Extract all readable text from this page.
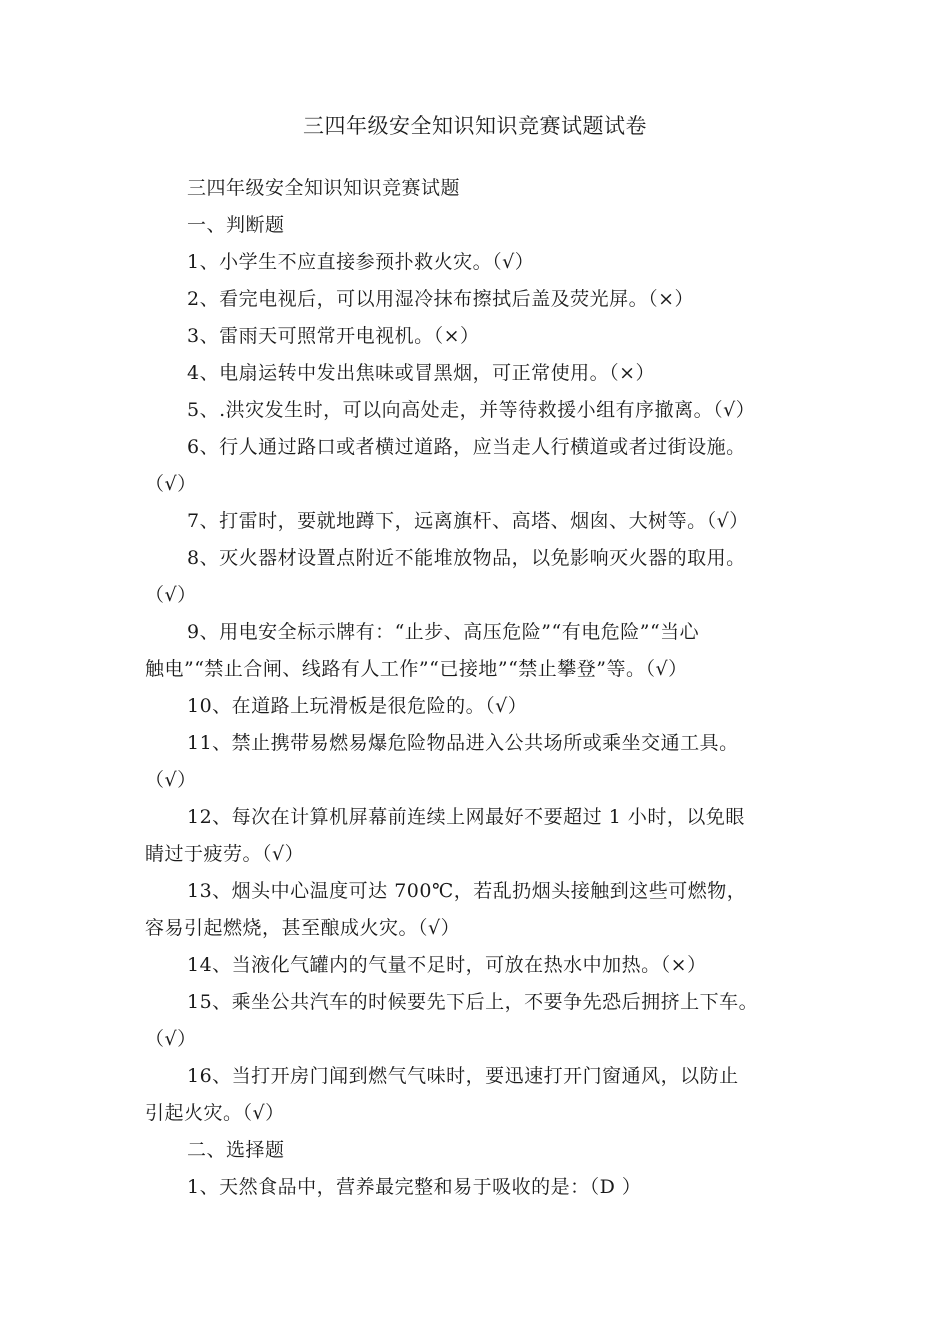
三四年级安全知识知识竞赛试题试卷

三四年级安全知识知识竞赛试题

一、判断题

1、小学生不应直接参预扑救火灾。（√）

2、看完电视后，可以用湿冷抹布擦拭后盖及荧光屏。（×）

3、雷雨天可照常开电视机。（×）

4、电扇运转中发出焦味或冒黑烟，可正常使用。（×）

5、.洪灾发生时，可以向高处走，并等待救援小组有序撤离。（√）

6、行人通过路口或者横过道路，应当走人行横道或者过街设施。

（√）

7、打雷时，要就地蹲下，远离旗杆、高塔、烟囱、大树等。（√）

8、灭火器材设置点附近不能堆放物品，以免影响灭火器的取用。

（√）

9、用电安全标示牌有：“止步、高压危险”“有电危险”“当心

触电”“禁止合闸、线路有人工作”“已接地”“禁止攀登”等。（√）

10、在道路上玩滑板是很危险的。（√）

11、禁止携带易燃易爆危险物品进入公共场所或乘坐交通工具。

（√）

12、每次在计算机屏幕前连续上网最好不要超过 1 小时，以免眼

睛过于疲劳。（√）

13、烟头中心温度可达 700℃，若乱扔烟头接触到这些可燃物，

容易引起燃烧，甚至酿成火灾。（√）

14、当液化气罐内的气量不足时，可放在热水中加热。（×）

15、乘坐公共汽车的时候要先下后上，不要争先恐后拥挤上下车。

（√）

16、当打开房门闻到燃气气味时，要迅速打开门窗通风，以防止

引起火灾。（√）

二、选择题

1、天然食品中，营养最完整和易于吸收的是：（D ）
